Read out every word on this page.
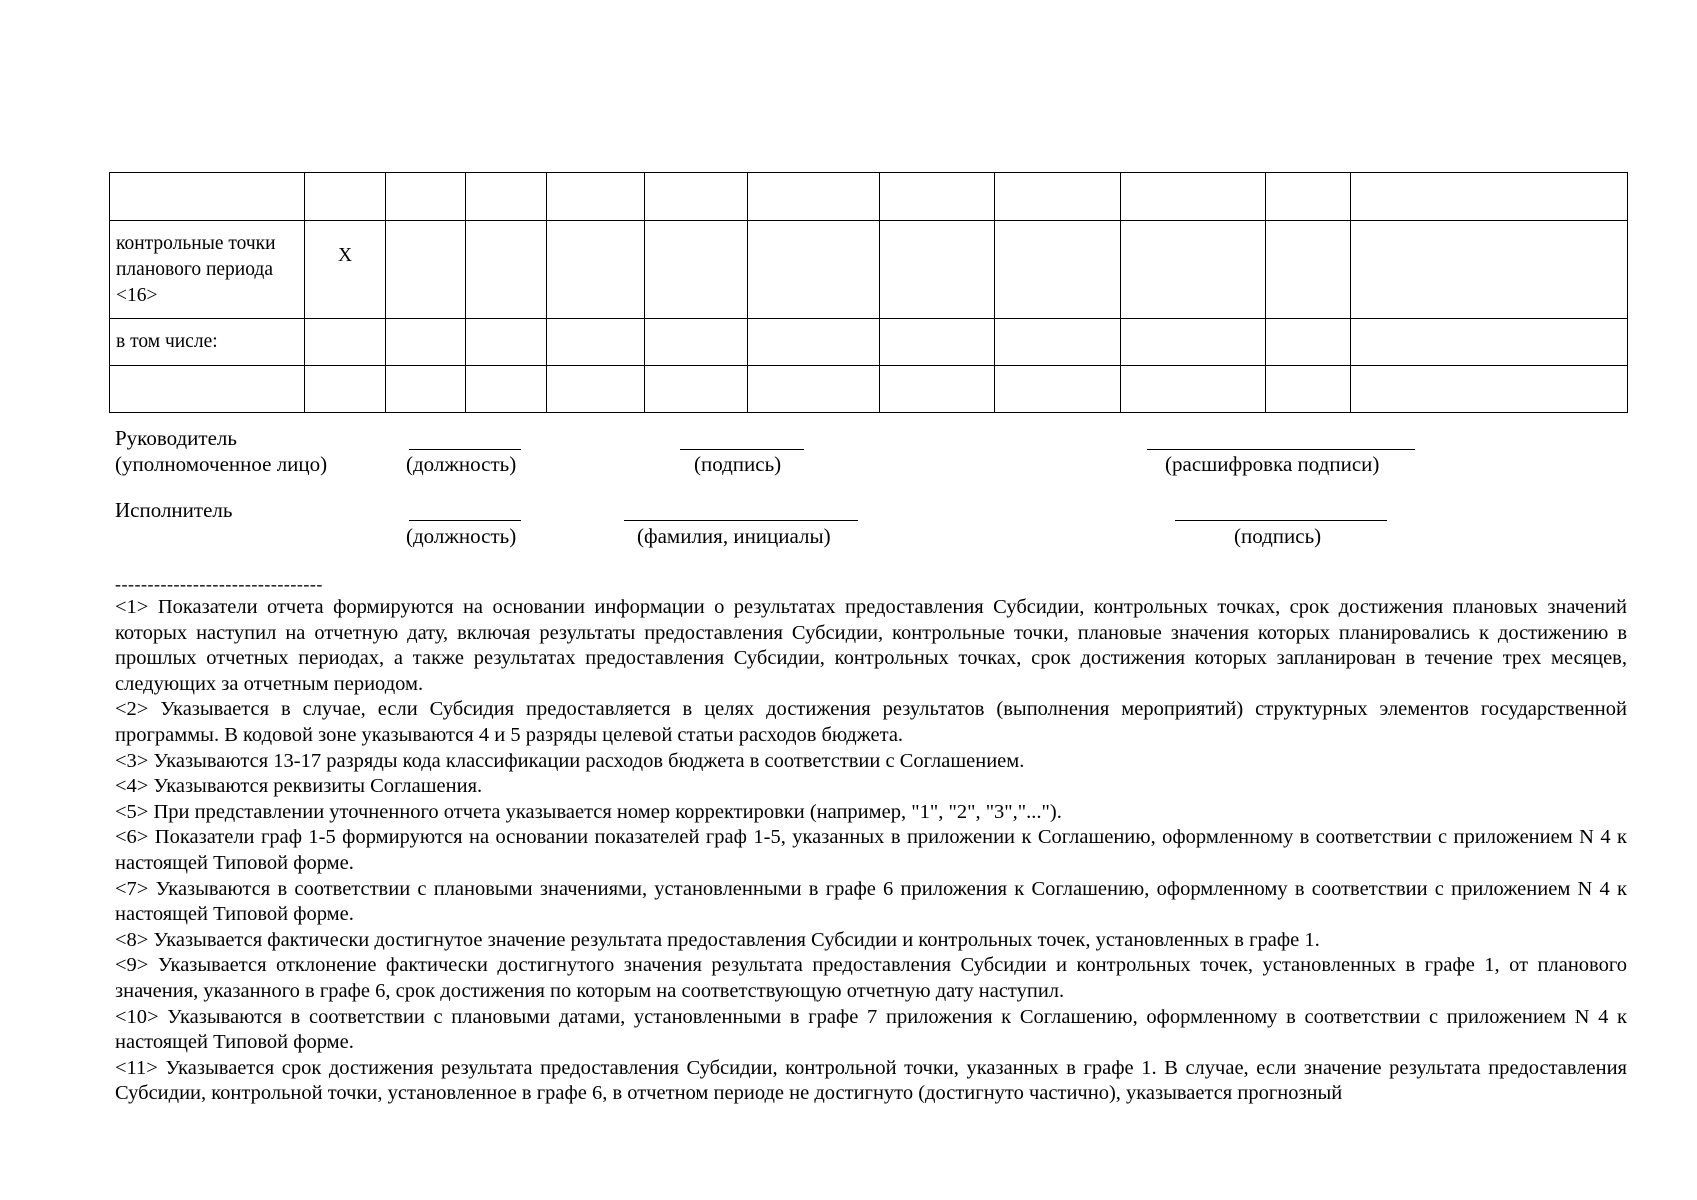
контрольные точки планового периода <16>	X										
в том числе:											

Руководитель
(уполномоченное лицо)	(должность)	(подпись)	(расшифровка подписи)
Исполнитель
(должность)	(фамилия, инициалы)	(подпись)
--------------------------------
<1> Показатели отчета формируются на основании информации о результатах предоставления Субсидии, контрольных точках, срок достижения плановых значений которых наступил на отчетную дату, включая результаты предоставления Субсидии, контрольные точки, плановые значения которых планировались к достижению в прошлых отчетных периодах, а также результатах предоставления Субсидии, контрольных точках, срок достижения которых запланирован в течение трех месяцев, следующих за отчетным периодом.
<2> Указывается в случае, если Субсидия предоставляется в целях достижения результатов (выполнения мероприятий) структурных элементов государственной программы. В кодовой зоне указываются 4 и 5 разряды целевой статьи расходов бюджета.
<3> Указываются 13-17 разряды кода классификации расходов бюджета в соответствии с Соглашением.
<4> Указываются реквизиты Соглашения.
<5> При представлении уточненного отчета указывается номер корректировки (например, "1", "2", "3","...").
<6> Показатели граф 1-5 формируются на основании показателей граф 1-5, указанных в приложении к Соглашению, оформленному в соответствии с приложением N 4 к настоящей Типовой форме.
<7> Указываются в соответствии с плановыми значениями, установленными в графе 6 приложения к Соглашению, оформленному в соответствии с приложением N 4 к настоящей Типовой форме.
<8> Указывается фактически достигнутое значение результата предоставления Субсидии и контрольных точек, установленных в графе 1.
<9> Указывается отклонение фактически достигнутого значения результата предоставления Субсидии и контрольных точек, установленных в графе 1, от планового значения, указанного в графе 6, срок достижения по которым на соответствующую отчетную дату наступил.
<10> Указываются в соответствии с плановыми датами, установленными в графе 7 приложения к Соглашению, оформленному в соответствии с приложением N 4 к настоящей Типовой форме.
<11> Указывается срок достижения результата предоставления Субсидии, контрольной точки, указанных в графе 1. В случае, если значение результата предоставления Субсидии, контрольной точки, установленное в графе 6, в отчетном периоде не достигнуто (достигнуто частично), указывается прогнозный
